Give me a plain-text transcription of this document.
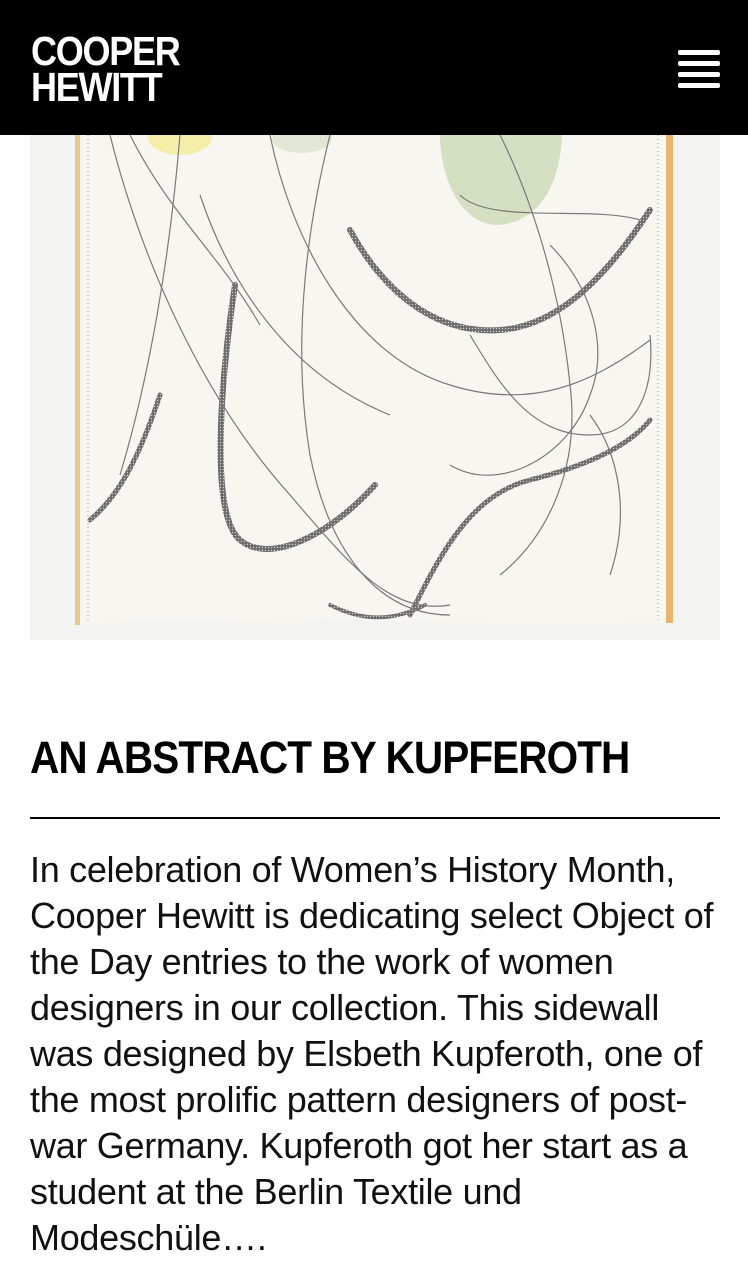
COOPER
HEWITT
AN ABSTRACT BY KUPFEROTH

In celebration of Women’s History Month, Cooper Hewitt is dedicating select Object of the Day entries to the work of women designers in our collection. This sidewall was designed by Elsbeth Kupferoth, one of the most prolific pattern designers of post-war Germany. Kupferoth got her start as a student at the Berlin Textile und Modeschüle….
